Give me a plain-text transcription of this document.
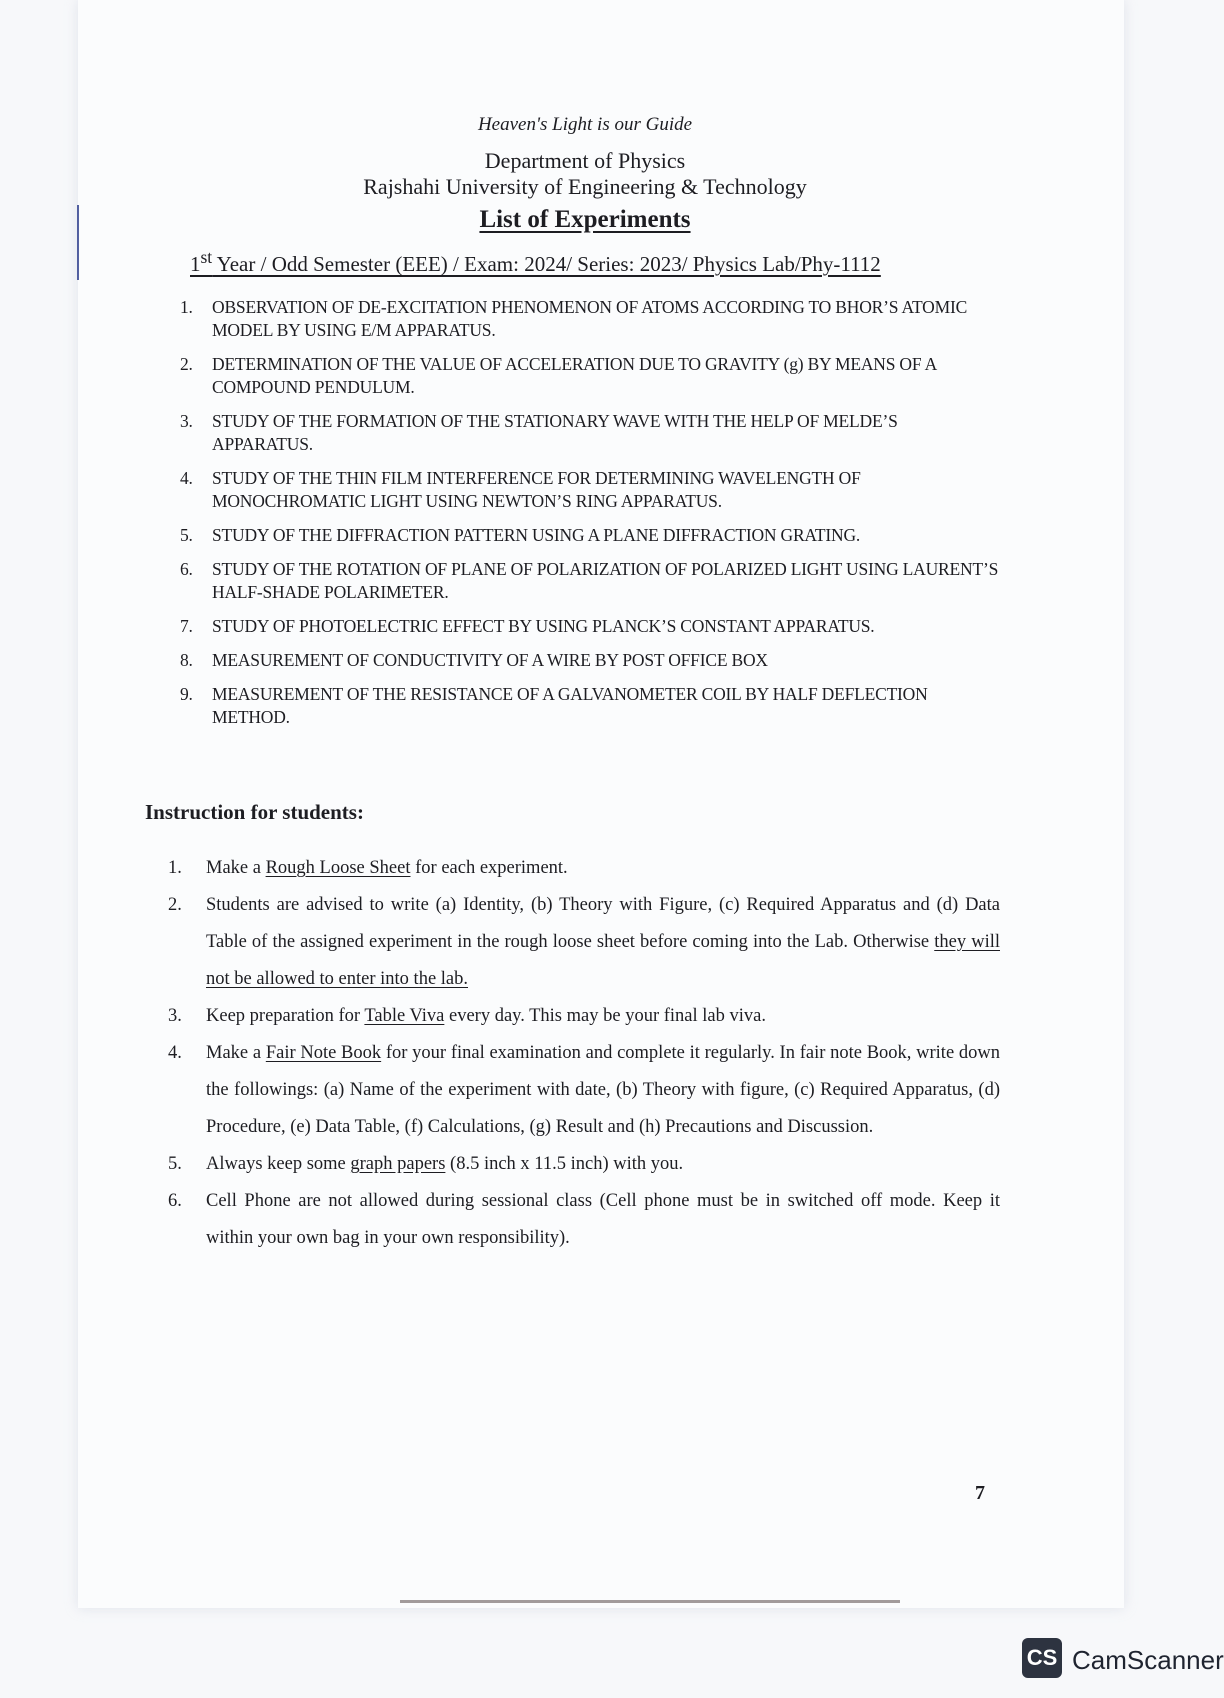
Heaven's Light is our Guide
Department of Physics
Rajshahi University of Engineering & Technology
List of Experiments
1st Year / Odd Semester (EEE) / Exam: 2024/ Series: 2023/ Physics Lab/Phy-1112
1.	OBSERVATION OF DE-EXCITATION PHENOMENON OF ATOMS ACCORDING TO BHOR’S ATOMIC MODEL BY USING E/M APPARATUS.
2.	DETERMINATION OF THE VALUE OF ACCELERATION DUE TO GRAVITY (g) BY MEANS OF A COMPOUND PENDULUM.
3.	STUDY OF THE FORMATION OF THE STATIONARY WAVE WITH THE HELP OF MELDE’S APPARATUS.
4.	STUDY OF THE THIN FILM INTERFERENCE FOR DETERMINING WAVELENGTH OF MONOCHROMATIC LIGHT USING NEWTON’S RING APPARATUS.
5.	STUDY OF THE DIFFRACTION PATTERN USING A PLANE DIFFRACTION GRATING.
6.	STUDY OF THE ROTATION OF PLANE OF POLARIZATION OF POLARIZED LIGHT USING LAURENT’S HALF-SHADE POLARIMETER.
7.	STUDY OF PHOTOELECTRIC EFFECT BY USING PLANCK’S CONSTANT APPARATUS.
8.	MEASUREMENT OF CONDUCTIVITY OF A WIRE BY POST OFFICE BOX
9.	MEASUREMENT OF THE RESISTANCE OF A GALVANOMETER COIL BY HALF DEFLECTION METHOD.
Instruction for students:
1.	Make a Rough Loose Sheet for each experiment.
2.	Students are advised to write (a) Identity, (b) Theory with Figure, (c) Required Apparatus and (d) Data Table of the assigned experiment in the rough loose sheet before coming into the Lab. Otherwise they will not be allowed to enter into the lab.
3.	Keep preparation for Table Viva every day. This may be your final lab viva.
4.	Make a Fair Note Book for your final examination and complete it regularly. In fair note Book, write down the followings: (a) Name of the experiment with date, (b) Theory with figure, (c) Required Apparatus, (d) Procedure, (e) Data Table, (f) Calculations, (g) Result and (h) Precautions and Discussion.
5.	Always keep some graph papers (8.5 inch x 11.5 inch) with you.
6.	Cell Phone are not allowed during sessional class (Cell phone must be in switched off mode. Keep it within your own bag in your own responsibility).
7
CS CamScanner
